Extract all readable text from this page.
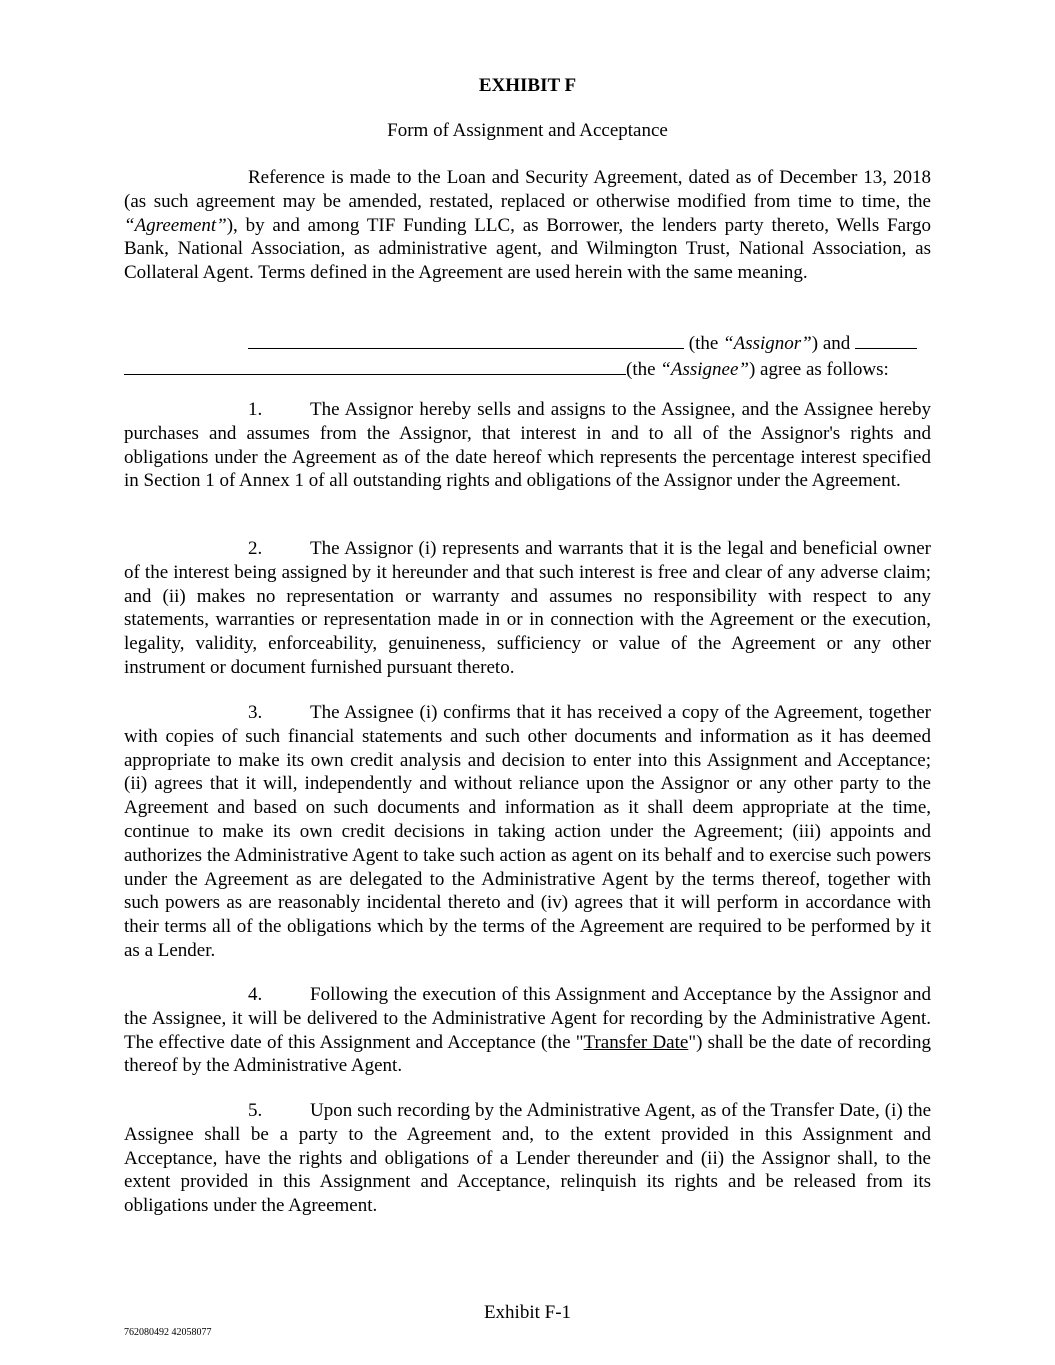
EXHIBIT F
Form of Assignment and Acceptance

Reference is made to the Loan and Security Agreement, dated as of December 13, 2018 (as such agreement may be amended, restated, replaced or otherwise modified from time to time, the “Agreement”), by and among TIF Funding LLC, as Borrower, the lenders party thereto, Wells Fargo Bank, National Association, as administrative agent, and Wilmington Trust, National Association, as Collateral Agent. Terms defined in the Agreement are used herein with the same meaning.

(the “Assignor”) and
(the “Assignee”) agree as follows:

1.	The Assignor hereby sells and assigns to the Assignee, and the Assignee hereby purchases and assumes from the Assignor, that interest in and to all of the Assignor's rights and obligations under the Agreement as of the date hereof which represents the percentage interest specified in Section 1 of Annex 1 of all outstanding rights and obligations of the Assignor under the Agreement.

2.	The Assignor (i) represents and warrants that it is the legal and beneficial owner of the interest being assigned by it hereunder and that such interest is free and clear of any adverse claim; and (ii) makes no representation or warranty and assumes no responsibility with respect to any statements, warranties or representation made in or in connection with the Agreement or the execution, legality, validity, enforceability, genuineness, sufficiency or value of the Agreement or any other instrument or document furnished pursuant thereto.

3.	The Assignee (i) confirms that it has received a copy of the Agreement, together with copies of such financial statements and such other documents and information as it has deemed appropriate to make its own credit analysis and decision to enter into this Assignment and Acceptance; (ii) agrees that it will, independently and without reliance upon the Assignor or any other party to the Agreement and based on such documents and information as it shall deem appropriate at the time, continue to make its own credit decisions in taking action under the Agreement; (iii) appoints and authorizes the Administrative Agent to take such action as agent on its behalf and to exercise such powers under the Agreement as are delegated to the Administrative Agent by the terms thereof, together with such powers as are reasonably incidental thereto and (iv) agrees that it will perform in accordance with their terms all of the obligations which by the terms of the Agreement are required to be performed by it as a Lender.

4.	Following the execution of this Assignment and Acceptance by the Assignor and the Assignee, it will be delivered to the Administrative Agent for recording by the Administrative Agent. The effective date of this Assignment and Acceptance (the "Transfer Date") shall be the date of recording thereof by the Administrative Agent.

5.	Upon such recording by the Administrative Agent, as of the Transfer Date, (i) the Assignee shall be a party to the Agreement and, to the extent provided in this Assignment and Acceptance, have the rights and obligations of a Lender thereunder and (ii) the Assignor shall, to the extent provided in this Assignment and Acceptance, relinquish its rights and be released from its obligations under the Agreement.

Exhibit F-1
762080492 42058077
